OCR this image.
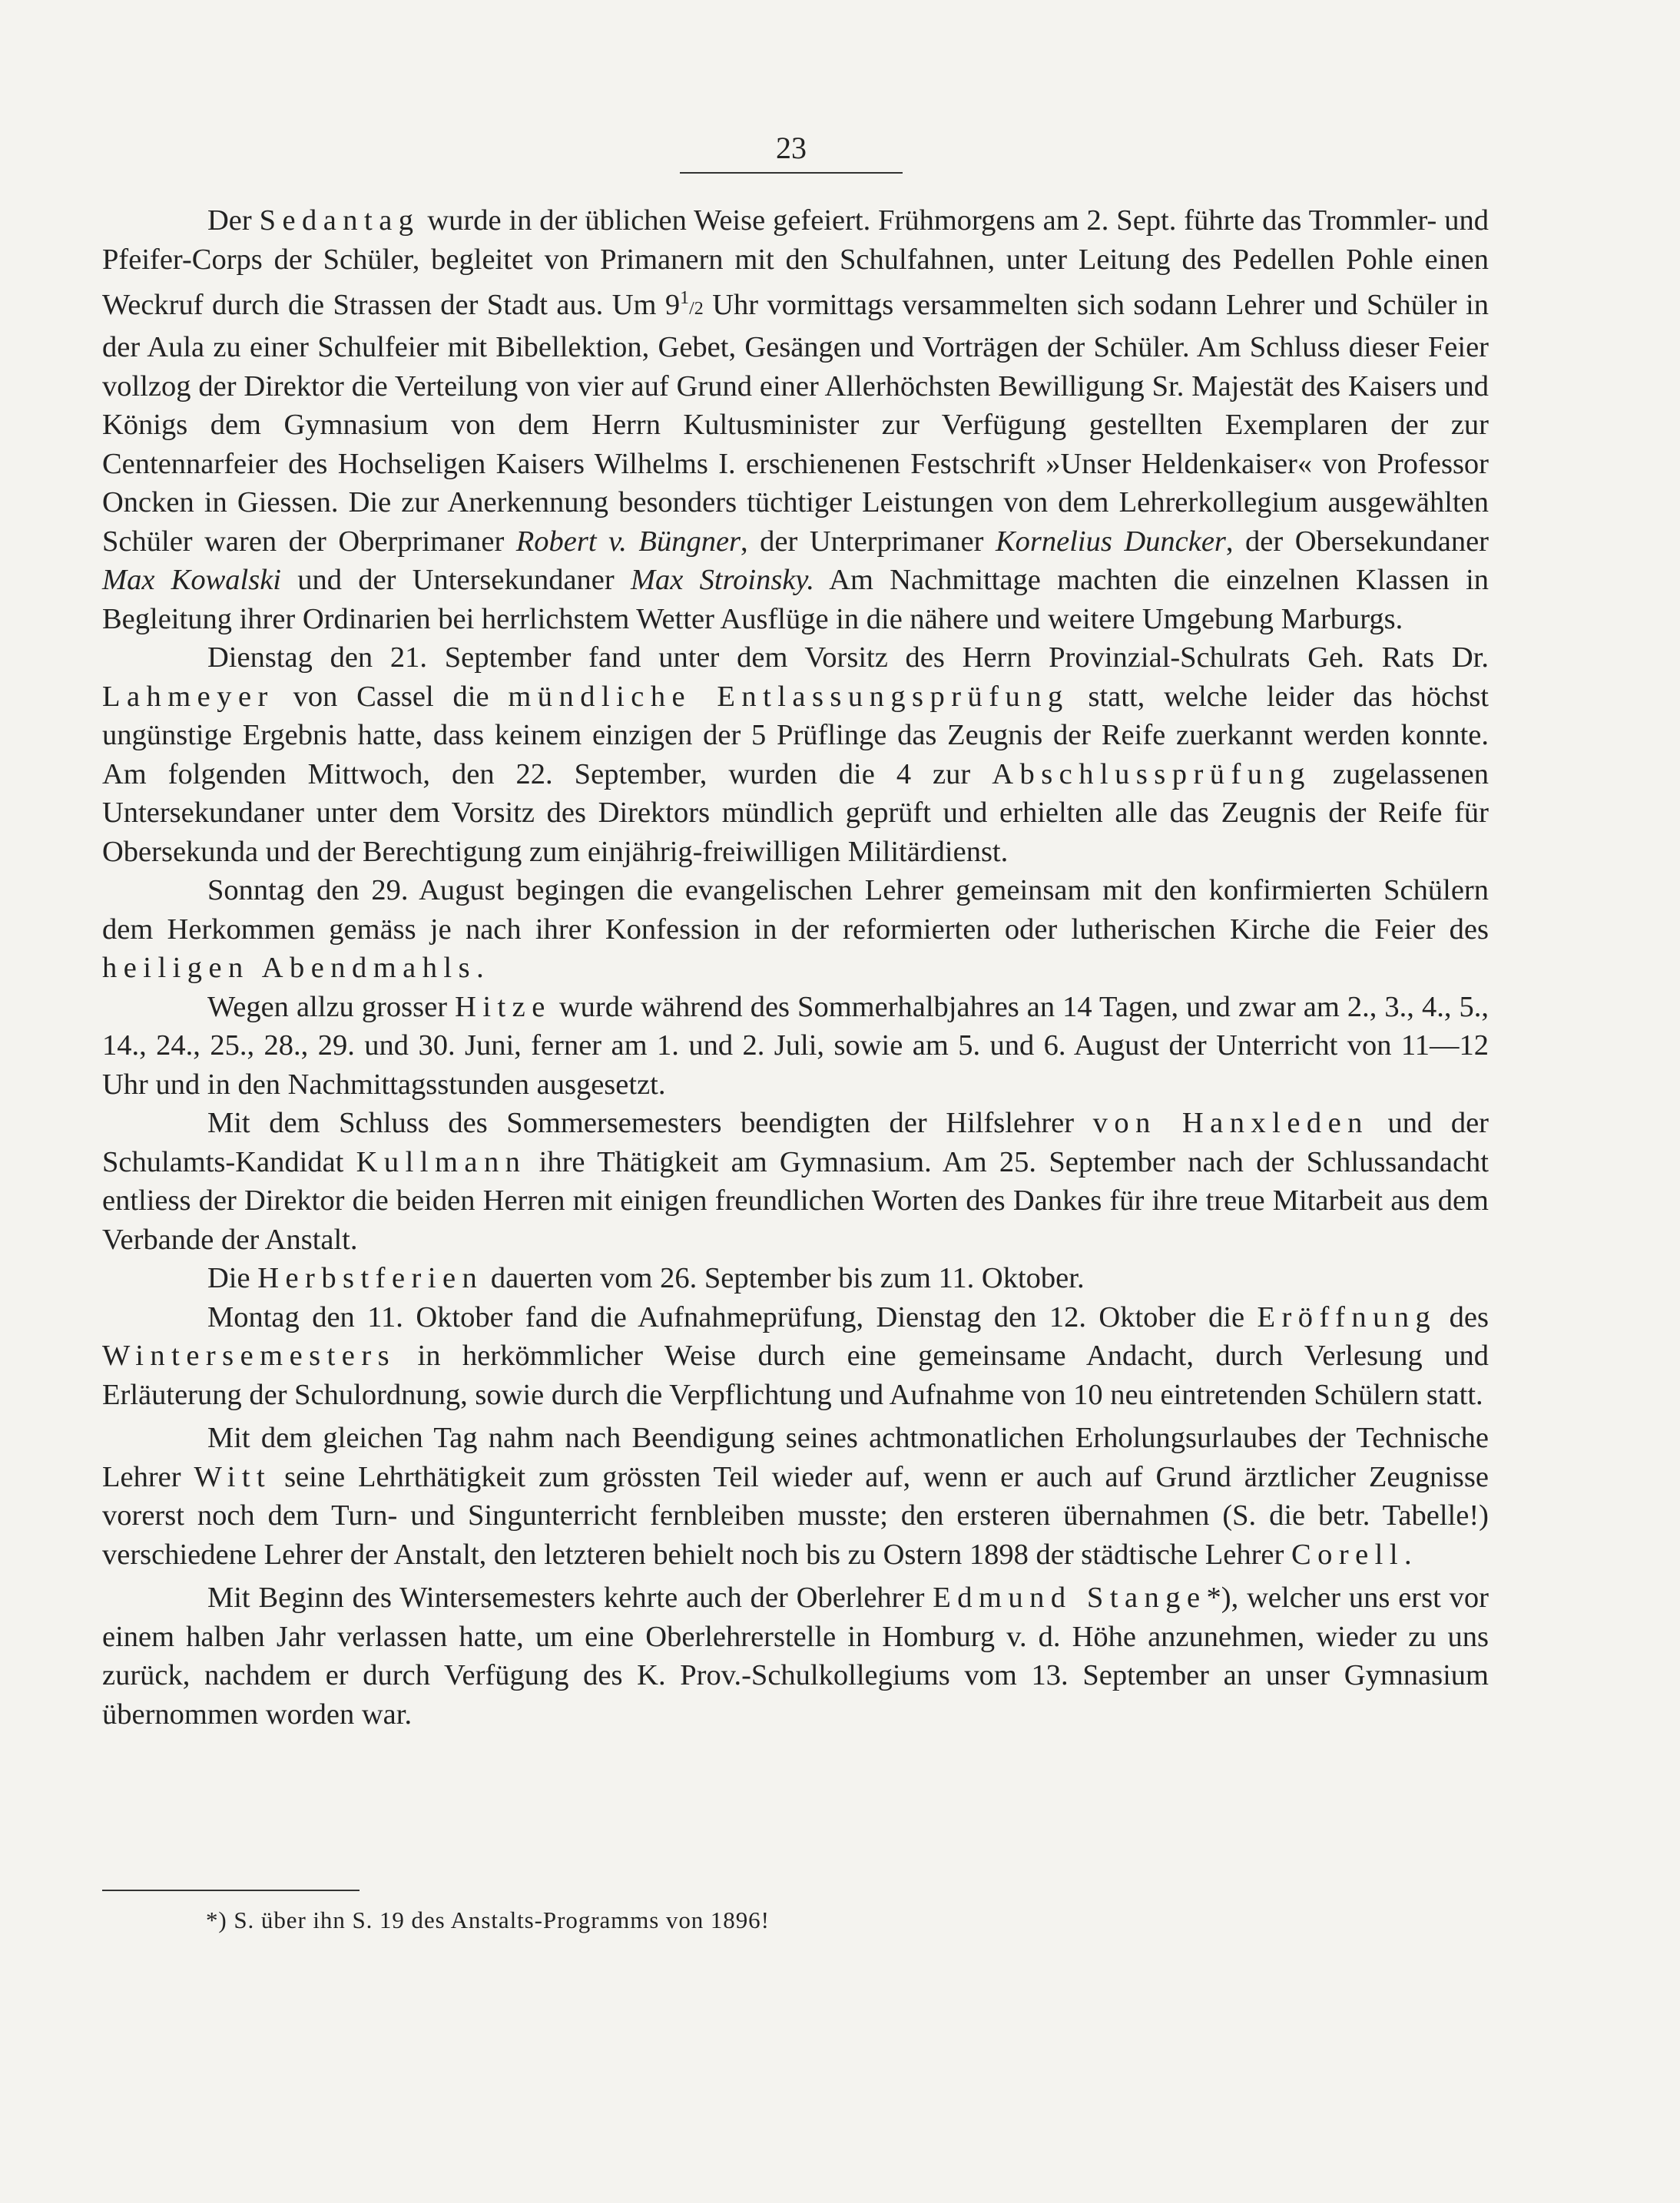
23

Der Sedantag wurde in der üblichen Weise gefeiert. Frühmorgens am 2. Sept. führte das Trommler- und Pfeifer-Corps der Schüler, begleitet von Primanern mit den Schulfahnen, unter Leitung des Pedellen Pohle einen Weckruf durch die Strassen der Stadt aus. Um $9^1/2$ Uhr vormittags versammelten sich sodann Lehrer und Schüler in der Aula zu einer Schulfeier mit Bibellektion, Gebet, Gesängen und Vorträgen der Schüler. Am Schluss dieser Feier vollzog der Direktor die Verteilung von vier auf Grund einer Allerhöchsten Bewilligung Sr. Majestät des Kaisers und Königs dem Gymnasium von dem Herrn Kultusminister zur Verfügung gestellten Exemplaren der zur Centennarfeier des Hochseligen Kaisers Wilhelms I. erschienenen Festschrift »Unser Heldenkaiser« von Professor Oncken in Giessen. Die zur Anerkennung besonders tüchtiger Leistungen von dem Lehrerkollegium ausgewählten Schüler waren der Oberprimaner Robert v. Büngner, der Unterprimaner Kornelius Duncker, der Obersekundaner Max Kowalski und der Untersekundaner Max Stroinsky. Am Nachmittage machten die einzelnen Klassen in Begleitung ihrer Ordinarien bei herrlichstem Wetter Ausflüge in die nähere und weitere Umgebung Marburgs.

Dienstag den 21. September fand unter dem Vorsitz des Herrn Provinzial-Schulrats Geh. Rats Dr. Lahmeyer von Cassel die mündliche Entlassungsprüfung statt, welche leider das höchst ungünstige Ergebnis hatte, dass keinem einzigen der 5 Prüflinge das Zeugnis der Reife zuerkannt werden konnte. Am folgenden Mittwoch, den 22. September, wurden die 4 zur Abschlussprüfung zugelassenen Untersekundaner unter dem Vorsitz des Direktors mündlich geprüft und erhielten alle das Zeugnis der Reife für Obersekunda und der Berechtigung zum einjährig-freiwilligen Militärdienst.

Sonntag den 29. August begingen die evangelischen Lehrer gemeinsam mit den konfirmierten Schülern dem Herkommen gemäss je nach ihrer Konfession in der reformierten oder lutherischen Kirche die Feier des heiligen Abendmahls.

Wegen allzu grosser Hitze wurde während des Sommerhalbjahres an 14 Tagen, und zwar am 2., 3., 4., 5., 14., 24., 25., 28., 29. und 30. Juni, ferner am 1. und 2. Juli, sowie am 5. und 6. August der Unterricht von 11—12 Uhr und in den Nachmittagsstunden ausgesetzt.

Mit dem Schluss des Sommersemesters beendigten der Hilfslehrer von Hanxleden und der Schulamts-Kandidat Kullmann ihre Thätigkeit am Gymnasium. Am 25. September nach der Schlussandacht entliess der Direktor die beiden Herren mit einigen freundlichen Worten des Dankes für ihre treue Mitarbeit aus dem Verbande der Anstalt.

Die Herbstferien dauerten vom 26. September bis zum 11. Oktober.

Montag den 11. Oktober fand die Aufnahmeprüfung, Dienstag den 12. Oktober die Eröffnung des Wintersemesters in herkömmlicher Weise durch eine gemeinsame Andacht, durch Verlesung und Erläuterung der Schulordnung, sowie durch die Verpflichtung und Aufnahme von 10 neu eintretenden Schülern statt.

Mit dem gleichen Tag nahm nach Beendigung seines achtmonatlichen Erholungsurlaubes der Technische Lehrer Witt seine Lehrthätigkeit zum grössten Teil wieder auf, wenn er auch auf Grund ärztlicher Zeugnisse vorerst noch dem Turn- und Singunterricht fernbleiben musste; den ersteren übernahmen (S. die betr. Tabelle!) verschiedene Lehrer der Anstalt, den letzteren behielt noch bis zu Ostern 1898 der städtische Lehrer Corell.

Mit Beginn des Wintersemesters kehrte auch der Oberlehrer Edmund Stange*), welcher uns erst vor einem halben Jahr verlassen hatte, um eine Oberlehrerstelle in Homburg v. d. Höhe anzunehmen, wieder zu uns zurück, nachdem er durch Verfügung des K. Prov.-Schulkollegiums vom 13. September an unser Gymnasium übernommen worden war.

*) S. über ihn S. 19 des Anstalts-Programms von 1896!
